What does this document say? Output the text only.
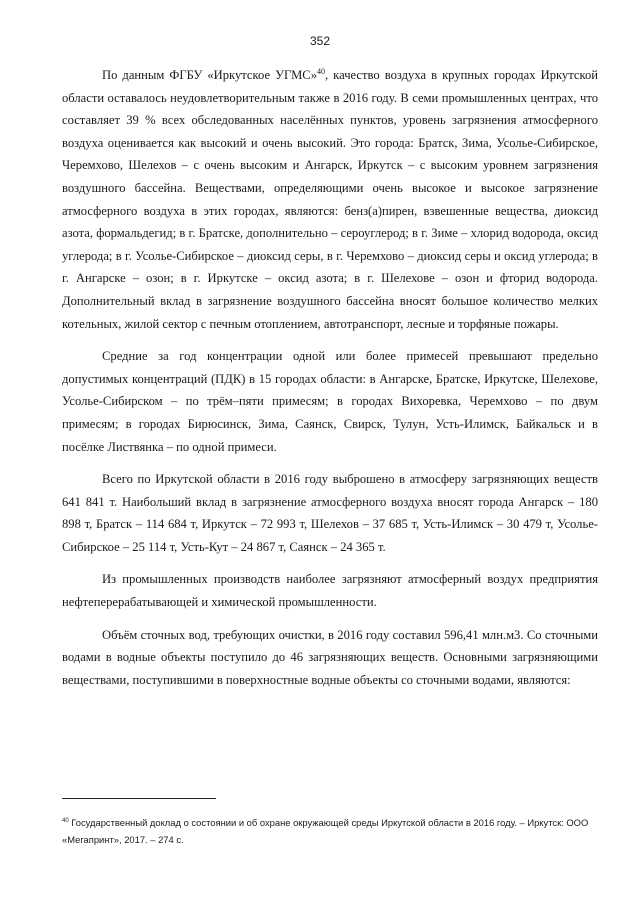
352

По данным ФГБУ «Иркутское УГМС»$^{40}$, качество воздуха в крупных городах Иркутской области оставалось неудовлетворительным также в 2016 году. В семи промышленных центрах, что составляет 39 % всех обследованных населённых пунктов, уровень загрязнения атмосферного воздуха оценивается как высокий и очень высокий. Это города: Братск, Зима, Усолье-Сибирское, Черемхово, Шелехов – с очень высоким и Ангарск, Иркутск – с высоким уровнем загрязнения воздушного бассейна. Веществами, определяющими очень высокое и высокое загрязнение атмосферного воздуха в этих городах, являются: бенз(а)пирен, взвешенные вещества, диоксид азота, формальдегид; в г. Братске, дополнительно – сероуглерод; в г. Зиме – хлорид водорода, оксид углерода; в г. Усолье-Сибирское – диоксид серы, в г. Черемхово – диоксид серы и оксид углерода; в г. Ангарске – озон; в г. Иркутске – оксид азота; в г. Шелехове – озон и фторид водорода. Дополнительный вклад в загрязнение воздушного бассейна вносят большое количество мелких котельных, жилой сектор с печным отоплением, автотранспорт, лесные и торфяные пожары.

Средние за год концентрации одной или более примесей превышают предельно допустимых концентраций (ПДК) в 15 городах области: в Ангарске, Братске, Иркутске, Шелехове, Усолье-Сибирском – по трём–пяти примесям; в городах Вихоревка, Черемхово – по двум примесям; в городах Бирюсинск, Зима, Саянск, Свирск, Тулун, Усть-Илимск, Байкальск и в посёлке Листвянка – по одной примеси.

Всего по Иркутской области в 2016 году выброшено в атмосферу загрязняющих веществ 641 841 т. Наибольший вклад в загрязнение атмосферного воздуха вносят города Ангарск – 180 898 т, Братск – 114 684 т, Иркутск – 72 993 т, Шелехов – 37 685 т, Усть-Илимск – 30 479 т, Усолье-Сибирское – 25 114 т, Усть-Кут – 24 867 т, Саянск – 24 365 т.

Из промышленных производств наиболее загрязняют атмосферный воздух предприятия нефтеперерабатывающей и химической промышленности.

Объём сточных вод, требующих очистки, в 2016 году составил 596,41 млн.м3. Со сточными водами в водные объекты поступило до 46 загрязняющих веществ. Основными загрязняющими веществами, поступившими в поверхностные водные объекты со сточными водами, являются:

$^{40}$ Государственный доклад о состоянии и об охране окружающей среды Иркутской области в 2016 году. – Иркутск: ООО «Мегапринт», 2017. – 274 с.
